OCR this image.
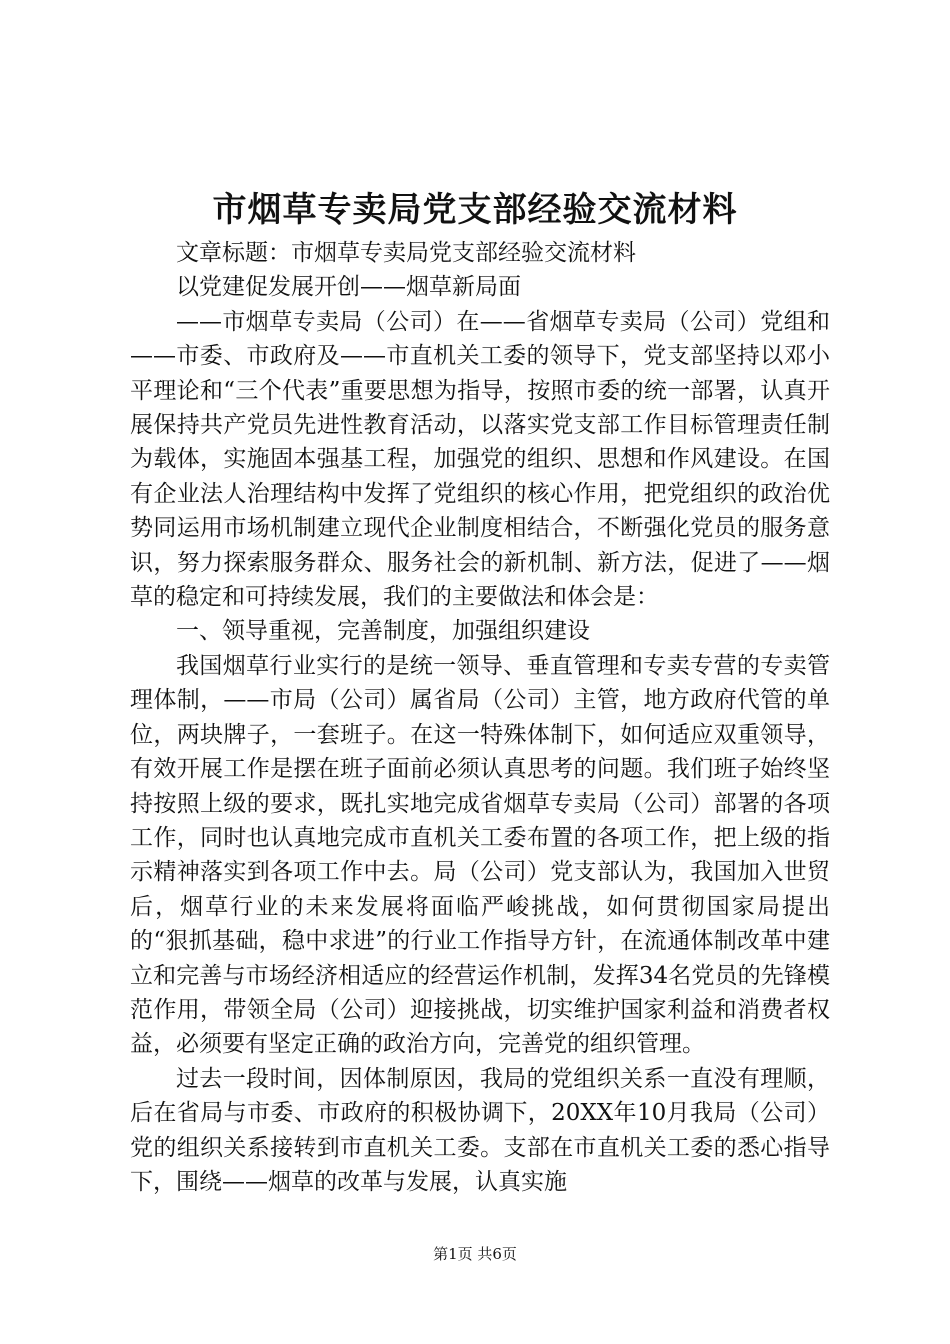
市烟草专卖局党支部经验交流材料

文章标题：市烟草专卖局党支部经验交流材料

以党建促发展开创——烟草新局面

——市烟草专卖局（公司）在——省烟草专卖局（公司）党组和——市委、市政府及——市直机关工委的领导下，党支部坚持以邓小平理论和“三个代表”重要思想为指导，按照市委的统一部署，认真开展保持共产党员先进性教育活动，以落实党支部工作目标管理责任制为载体，实施固本强基工程，加强党的组织、思想和作风建设。在国有企业法人治理结构中发挥了党组织的核心作用，把党组织的政治优势同运用市场机制建立现代企业制度相结合，不断强化党员的服务意识，努力探索服务群众、服务社会的新机制、新方法，促进了——烟草的稳定和可持续发展，我们的主要做法和体会是：

一、领导重视，完善制度，加强组织建设

我国烟草行业实行的是统一领导、垂直管理和专卖专营的专卖管理体制，——市局（公司）属省局（公司）主管，地方政府代管的单位，两块牌子，一套班子。在这一特殊体制下，如何适应双重领导，有效开展工作是摆在班子面前必须认真思考的问题。我们班子始终坚持按照上级的要求，既扎实地完成省烟草专卖局（公司）部署的各项工作，同时也认真地完成市直机关工委布置的各项工作，把上级的指示精神落实到各项工作中去。局（公司）党支部认为，我国加入世贸后，烟草行业的未来发展将面临严峻挑战，如何贯彻国家局提出的“狠抓基础，稳中求进”的行业工作指导方针，在流通体制改革中建立和完善与市场经济相适应的经营运作机制，发挥34名党员的先锋模范作用，带领全局（公司）迎接挑战，切实维护国家利益和消费者权益，必须要有坚定正确的政治方向，完善党的组织管理。

过去一段时间，因体制原因，我局的党组织关系一直没有理顺，后在省局与市委、市政府的积极协调下，20XX年10月我局（公司）党的组织关系接转到市直机关工委。支部在市直机关工委的悉心指导下，围绕——烟草的改革与发展，认真实施

第1页 共6页
